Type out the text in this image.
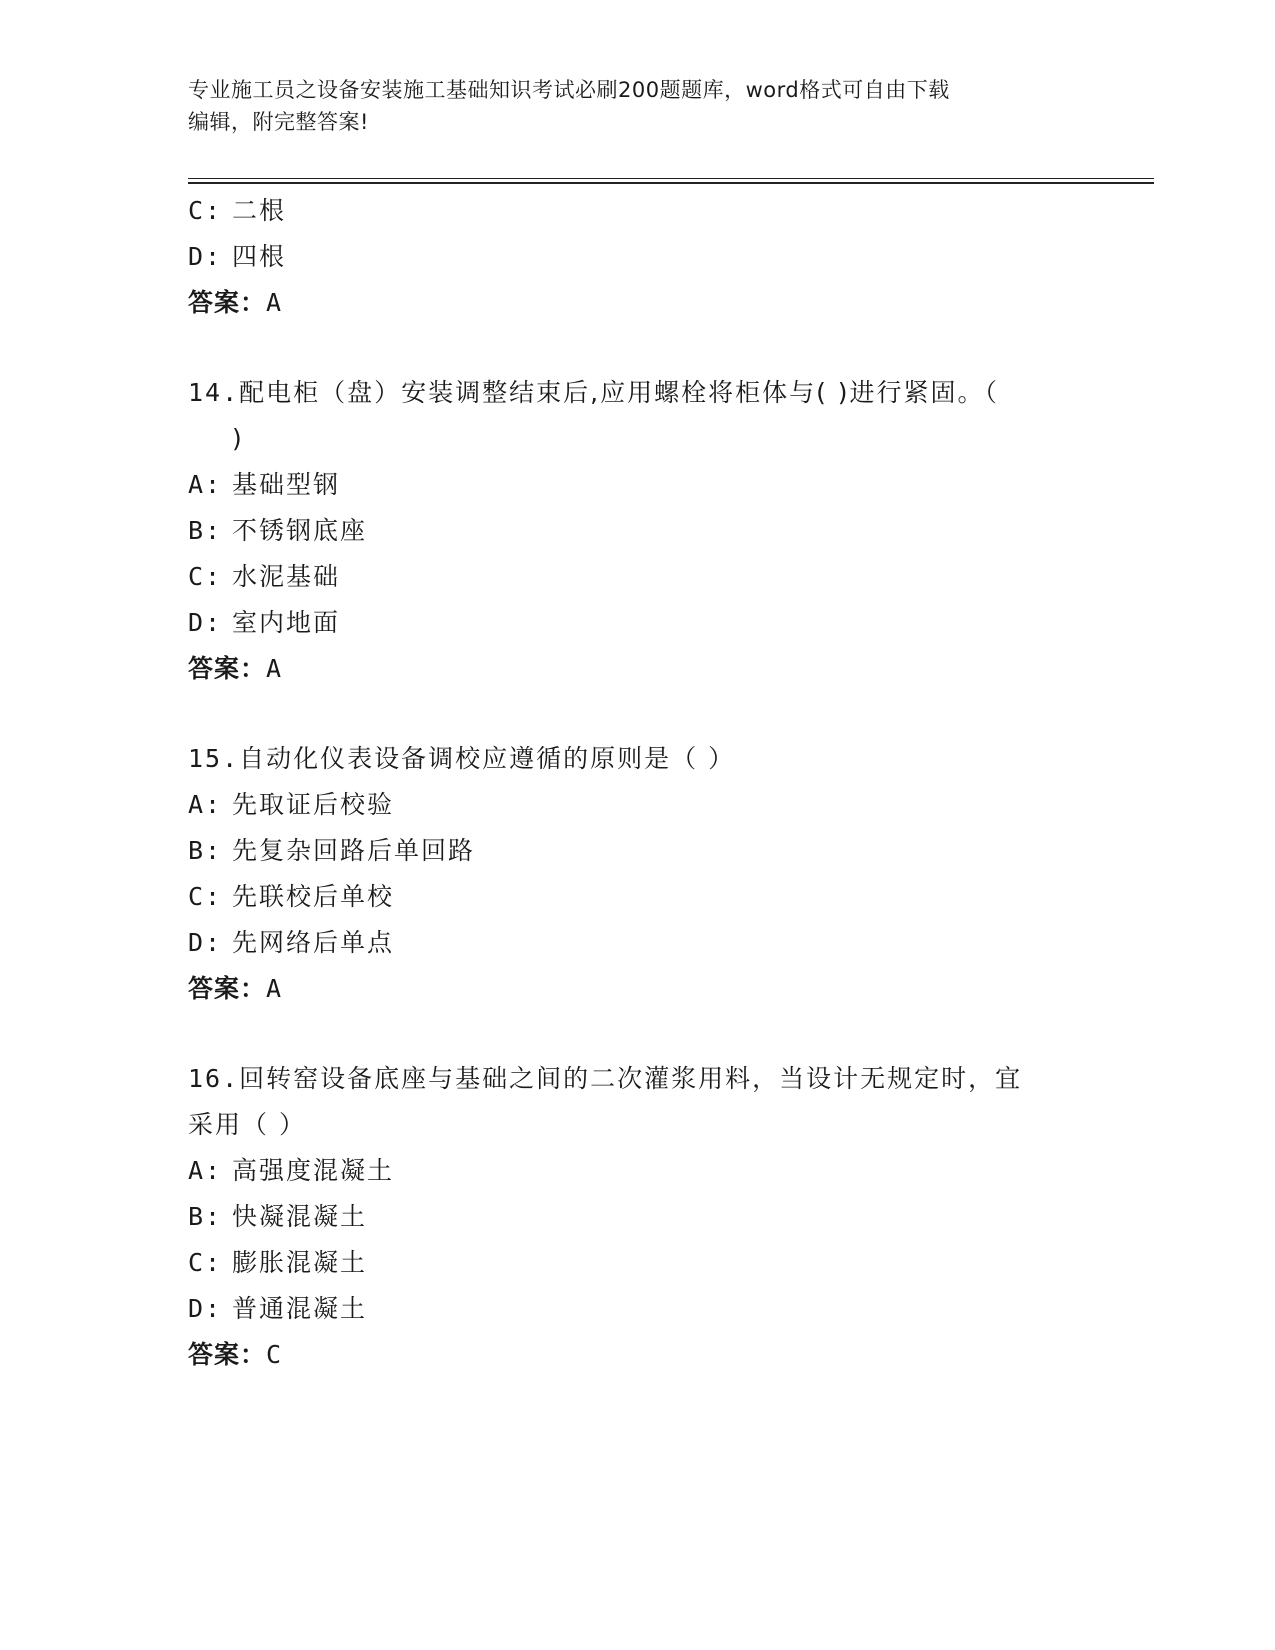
专业施工员之设备安装施工基础知识考试必刷200题题库，word格式可自由下载
编辑，附完整答案!
C: 二根
D: 四根
答案：A
14.配电柜（盘）安装调整结束后,应用螺栓将柜体与( )进行紧固。（
)
A: 基础型钢
B: 不锈钢底座
C: 水泥基础
D: 室内地面
答案：A
15.自动化仪表设备调校应遵循的原则是（ ）
A: 先取证后校验
B: 先复杂回路后单回路
C: 先联校后单校
D: 先网络后单点
答案：A
16.回转窑设备底座与基础之间的二次灌浆用料，当设计无规定时，宜
采用（ ）
A: 高强度混凝土
B: 快凝混凝土
C: 膨胀混凝土
D: 普通混凝土
答案：C
